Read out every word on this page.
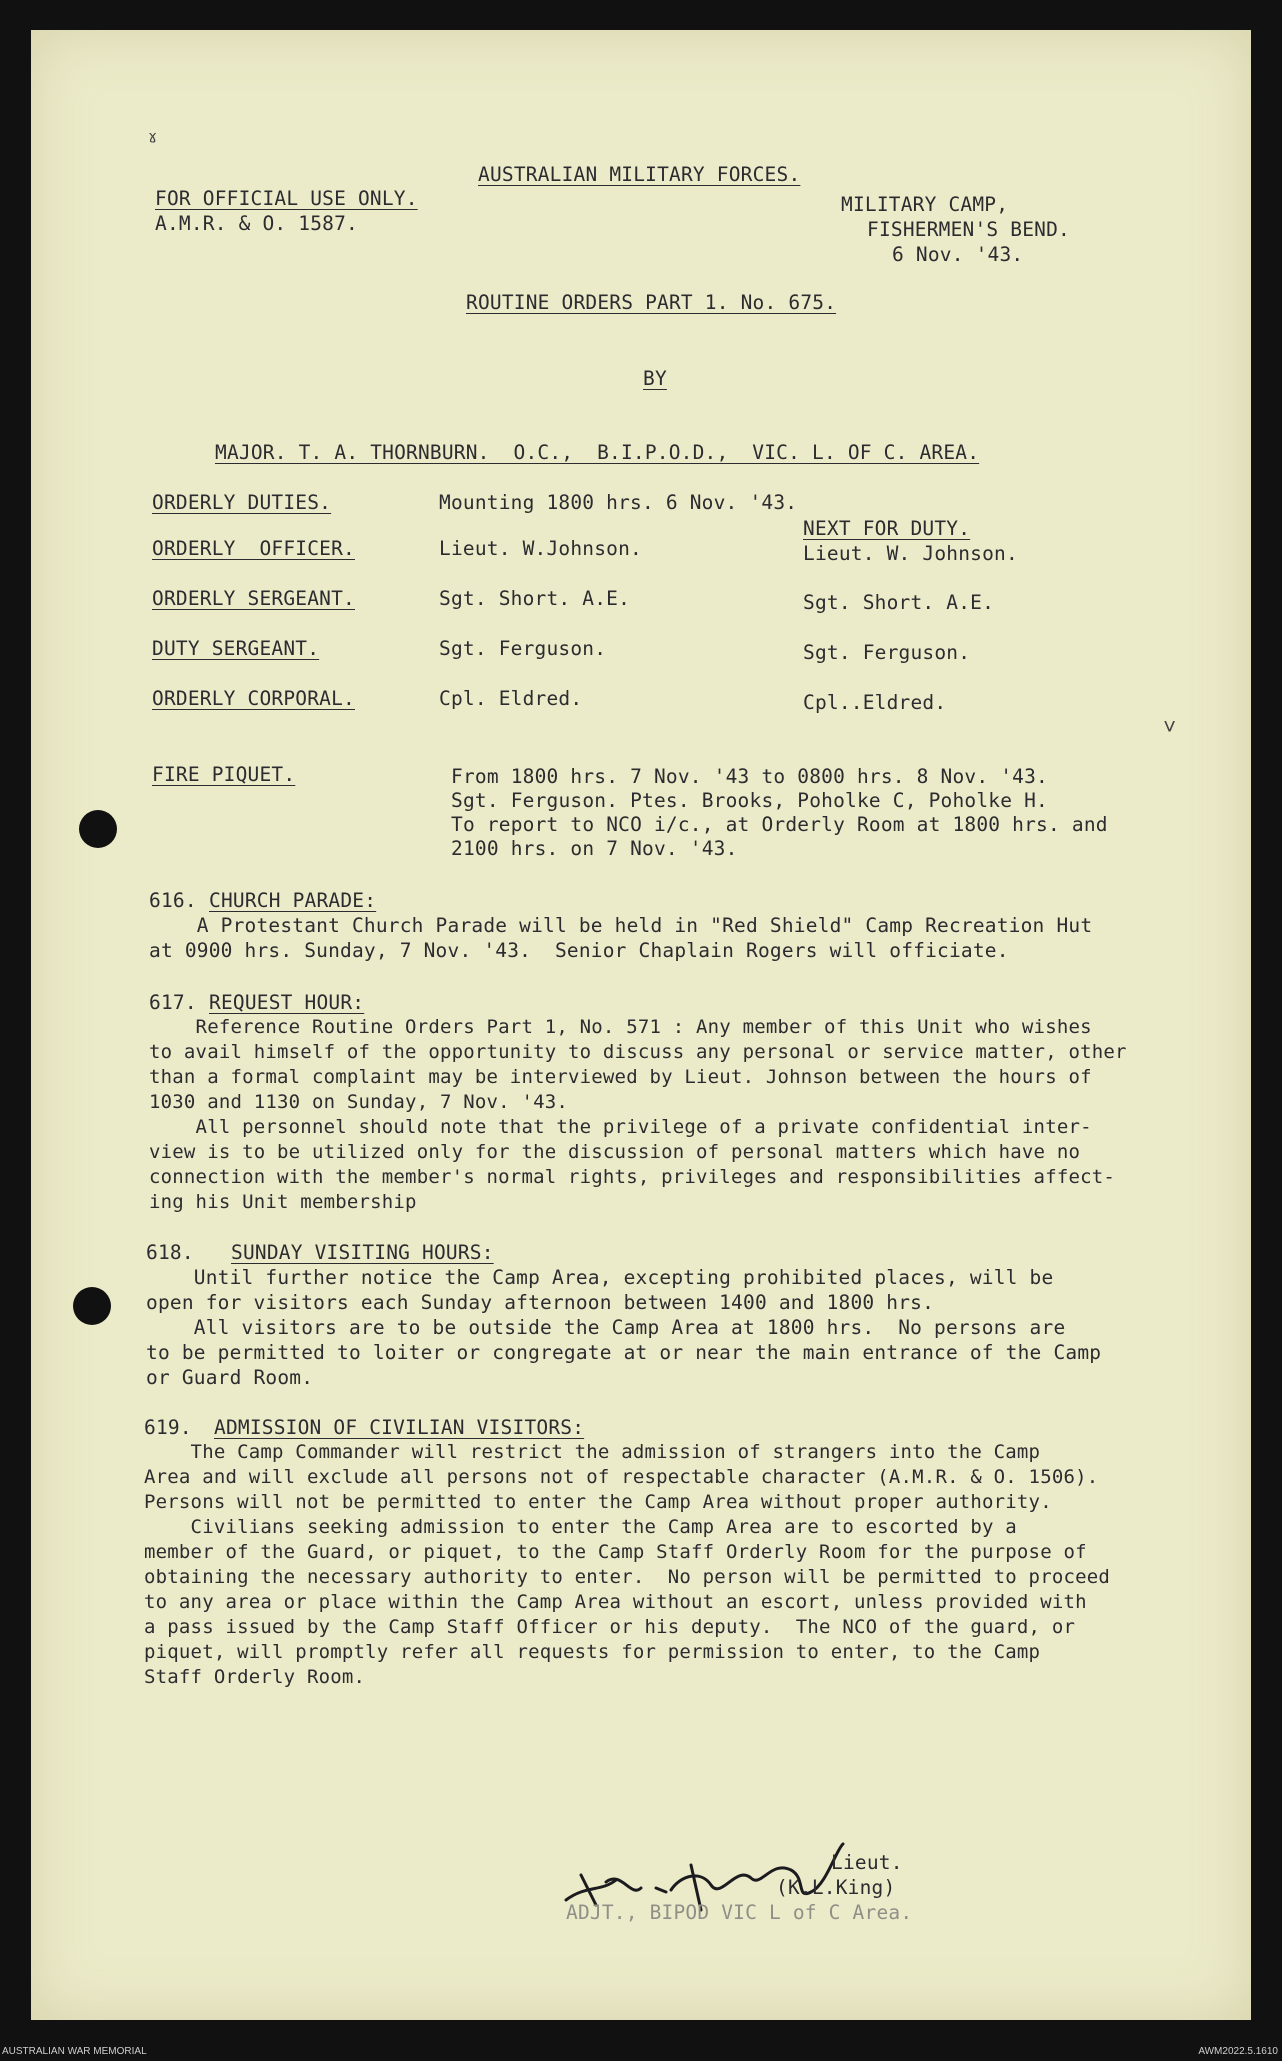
ˠ
˅
FOR OFFICIAL USE ONLY.
A.M.R. & O. 1587.
AUSTRALIAN MILITARY FORCES.
MILITARY CAMP,
FISHERMEN'S BEND.
6 Nov. '43.
ROUTINE ORDERS PART 1. No. 675.
BY
MAJOR. T. A. THORNBURN.  O.C.,  B.I.P.O.D.,  VIC. L. OF C. AREA.
ORDERLY DUTIES.	Mounting 1800 hrs. 6 Nov. '43.
NEXT FOR DUTY.
ORDERLY  OFFICER.	Lieut. W.Johnson.	Lieut. W. Johnson.
ORDERLY SERGEANT.	Sgt. Short. A.E.	Sgt. Short. A.E.
DUTY SERGEANT.	Sgt. Ferguson.	Sgt. Ferguson.
ORDERLY CORPORAL.	Cpl. Eldred.	Cpl..Eldred.
FIRE PIQUET.	From 1800 hrs. 7 Nov. '43 to 0800 hrs. 8 Nov. '43.
Sgt. Ferguson. Ptes. Brooks, Poholke C, Poholke H.
To report to NCO i/c., at Orderly Room at 1800 hrs. and
2100 hrs. on 7 Nov. '43.
616. CHURCH PARADE:
A Protestant Church Parade will be held in "Red Shield" Camp Recreation Hut
at 0900 hrs. Sunday, 7 Nov. '43.  Senior Chaplain Rogers will officiate.
617. REQUEST HOUR:
Reference Routine Orders Part 1, No. 571 : Any member of this Unit who wishes
to avail himself of the opportunity to discuss any personal or service matter, other
than a formal complaint may be interviewed by Lieut. Johnson between the hours of
1030 and 1130 on Sunday, 7 Nov. '43.
All personnel should note that the privilege of a private confidential inter-
view is to be utilized only for the discussion of personal matters which have no
connection with the member's normal rights, privileges and responsibilities affect-
ing his Unit membership
618. SUNDAY VISITING HOURS:
Until further notice the Camp Area, excepting prohibited places, will be
open for visitors each Sunday afternoon between 1400 and 1800 hrs.
All visitors are to be outside the Camp Area at 1800 hrs.  No persons are
to be permitted to loiter or congregate at or near the main entrance of the Camp
or Guard Room.
619. ADMISSION OF CIVILIAN VISITORS:
The Camp Commander will restrict the admission of strangers into the Camp
Area and will exclude all persons not of respectable character (A.M.R. & O. 1506).
Persons will not be permitted to enter the Camp Area without proper authority.
Civilians seeking admission to enter the Camp Area are to escorted by a
member of the Guard, or piquet, to the Camp Staff Orderly Room for the purpose of
obtaining the necessary authority to enter.  No person will be permitted to proceed
to any area or place within the Camp Area without an escort, unless provided with
a pass issued by the Camp Staff Officer or his deputy.  The NCO of the guard, or
piquet, will promptly refer all requests for permission to enter, to the Camp
Staff Orderly Room.
Lieut.
(K.L.King)
ADJT., BIPOD VIC L of C Area.
AUSTRALIAN WAR MEMORIAL	AWM2022.5.1610
